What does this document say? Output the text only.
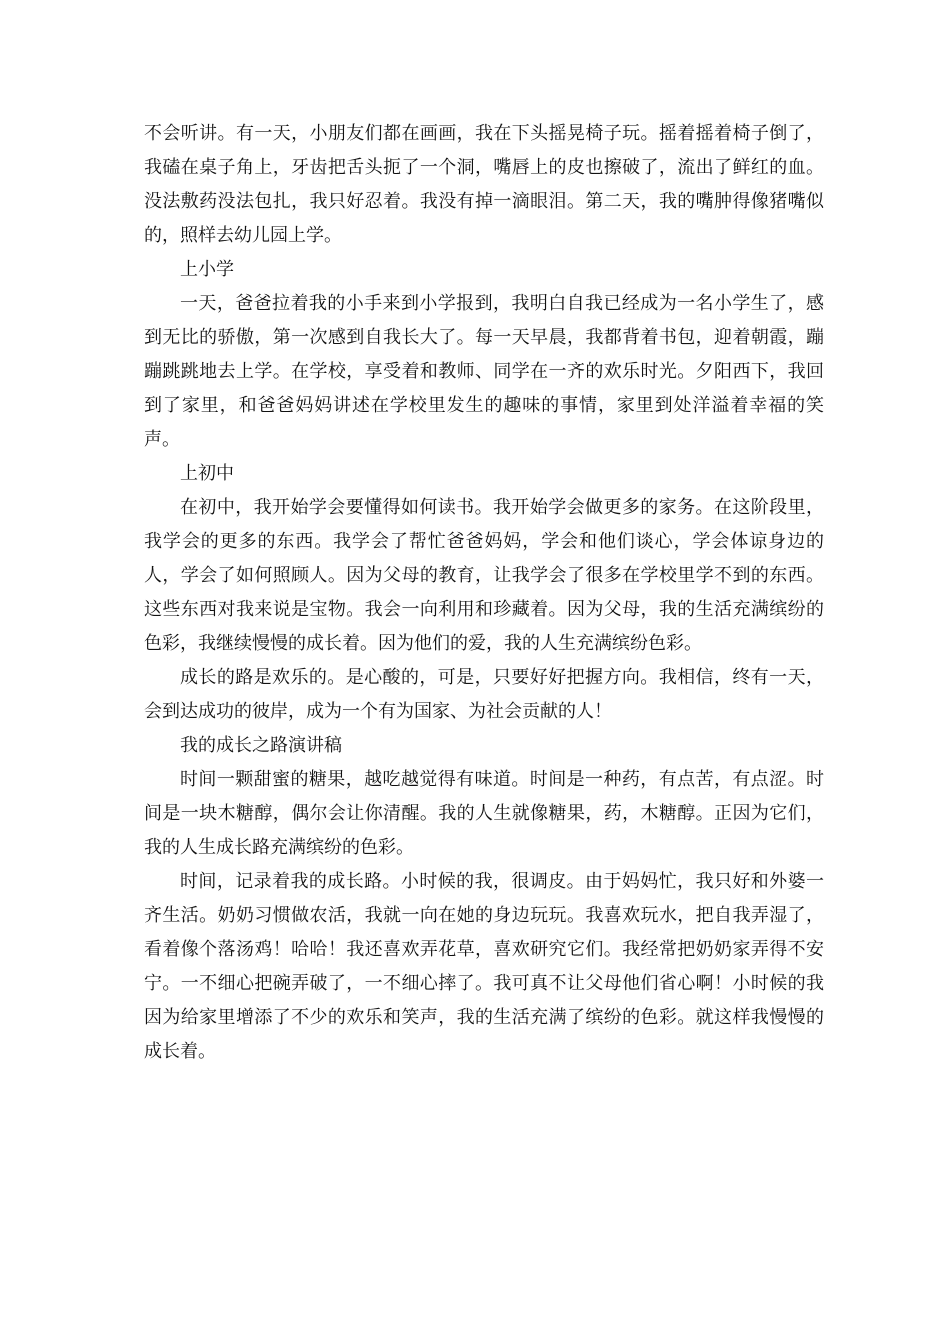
不会听讲。有一天，小朋友们都在画画，我在下头摇晃椅子玩。摇着摇着椅子倒了，我磕在桌子角上，牙齿把舌头扼了一个洞，嘴唇上的皮也擦破了，流出了鲜红的血。没法敷药没法包扎，我只好忍着。我没有掉一滴眼泪。第二天，我的嘴肿得像猪嘴似的，照样去幼儿园上学。

上小学

一天，爸爸拉着我的小手来到小学报到，我明白自我已经成为一名小学生了，感到无比的骄傲，第一次感到自我长大了。每一天早晨，我都背着书包，迎着朝霞，蹦蹦跳跳地去上学。在学校，享受着和教师、同学在一齐的欢乐时光。夕阳西下，我回到了家里，和爸爸妈妈讲述在学校里发生的趣味的事情，家里到处洋溢着幸福的笑声。

上初中

在初中，我开始学会要懂得如何读书。我开始学会做更多的家务。在这阶段里，我学会的更多的东西。我学会了帮忙爸爸妈妈，学会和他们谈心，学会体谅身边的人，学会了如何照顾人。因为父母的教育，让我学会了很多在学校里学不到的东西。这些东西对我来说是宝物。我会一向利用和珍藏着。因为父母，我的生活充满缤纷的色彩，我继续慢慢的成长着。因为他们的爱，我的人生充满缤纷色彩。

成长的路是欢乐的。是心酸的，可是，只要好好把握方向。我相信，终有一天，会到达成功的彼岸，成为一个有为国家、为社会贡献的人！

我的成长之路演讲稿

时间一颗甜蜜的糖果，越吃越觉得有味道。时间是一种药，有点苦，有点涩。时间是一块木糖醇，偶尔会让你清醒。我的人生就像糖果，药，木糖醇。正因为它们，我的人生成长路充满缤纷的色彩。

时间，记录着我的成长路。小时候的我，很调皮。由于妈妈忙，我只好和外婆一齐生活。奶奶习惯做农活，我就一向在她的身边玩玩。我喜欢玩水，把自我弄湿了，看着像个落汤鸡！哈哈！我还喜欢弄花草，喜欢研究它们。我经常把奶奶家弄得不安宁。一不细心把碗弄破了，一不细心摔了。我可真不让父母他们省心啊！小时候的我因为给家里增添了不少的欢乐和笑声，我的生活充满了缤纷的色彩。就这样我慢慢的成长着。
